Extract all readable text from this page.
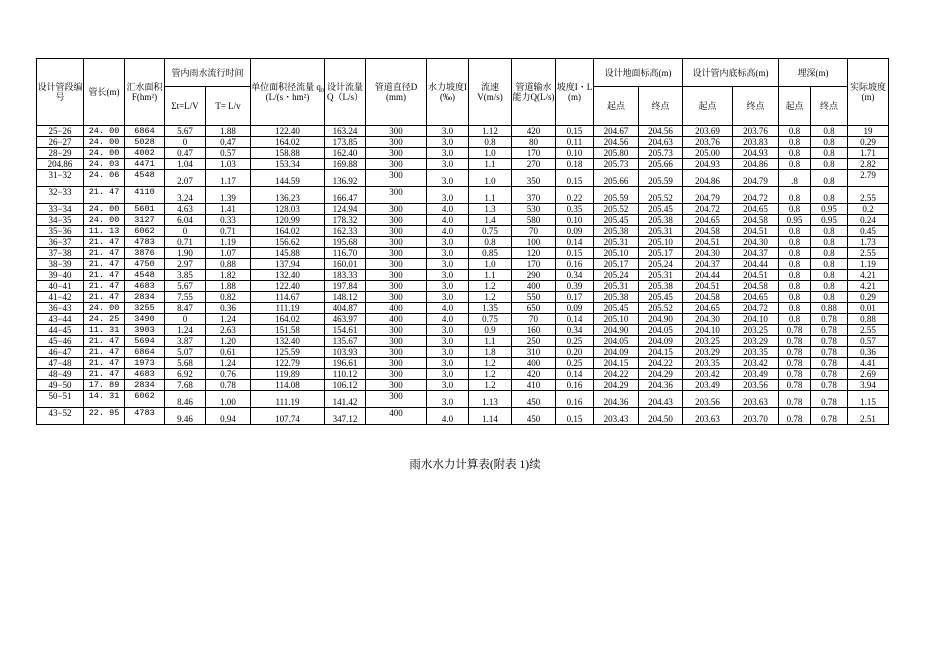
设计管段编号	管长(m)	汇水面积F(hm²)	管内雨水流行时间		单位面积径流量 q₀ (L/(s・hm²)	设计流量Q（L/s）	管道直径D (mm)	水力坡度I (‰)	流速V(m/s)	管道输水能力Q(L/s)	坡度I・L (m)	设计地面标高(m)		设计管内底标高(m)		埋深(m)		实际坡度(m)
			Σt=L/V	T= L/v								起点	终点	起点	终点	起点	终点	
25−26	24. 00	6864	5.67	1.88	122.40	163.24	300	3.0	1.12	420	0.15	204.67	204.56	203.69	203.76	0.8	0.8	19
26−27	24. 00	5028	0	0.47	164.02	173.85	300	3.0	0.8	80	0.11	204.56	204.63	203.76	203.83	0.8	0.8	0.29
28−29	24. 00	4002	0.47	0.57	158.88	162.40	300	3.0	1.0	170	0.10	205.80	205.73	205.00	204.93	0.8	0.8	1.71
204.86	24. 03	4471	1.04	1.03	153.34	169.88	300	3.0	1.1	270	0.18	205.73	205.66	204.93	204.86	0.8	0.8	2.82
31−32	24. 06	4548	2.07	1.17	144.59	136.92	300	3.0	1.0	350	0.15	205.66	205.59	204.86	204.79	.8	0.8	2.79
32−33	21. 47	4110	3.24	1.39	136.23	166.47	300	3.0	1.1	370	0.22	205.59	205.52	204.79	204.72	0.8	0.8	2.55
33−34	24. 00	5601	4.63	1.41	128.03	124.94	300	4.0	1.3	530	0.35	205.52	205.45	204.72	204.65	0.8	0.95	0.2
34−35	24. 00	3127	6.04	0.33	120.99	178.32	300	4.0	1.4	580	0.10	205.45	205.38	204.65	204.58	0.95	0.95	0.24
35−36	11. 13	6062	0	0.71	164.02	162.33	300	4.0	0.75	70	0.09	205.38	205.31	204.58	204.51	0.8	0.8	0.45
36−37	21. 47	4783	0.71	1.19	156.62	195.68	300	3.0	0.8	100	0.14	205.31	205.10	204.51	204.30	0.8	0.8	1.73
37−38	21. 47	3876	1.90	1.07	145.88	116.70	300	3.0	0.85	120	0.15	205.10	205.17	204.30	204.37	0.8	0.8	2.55
38−39	21. 47	4750	2.97	0.88	137.94	160.01	300	3.0	1.0	170	0.16	205.17	205.24	204.37	204.44	0.8	0.8	1.19
39−40	21. 47	4548	3.85	1.82	132.40	183.33	300	3.0	1.1	290	0.34	205.24	205.31	204.44	204.51	0.8	0.8	4.21
40−41	21. 47	4683	5.67	1.88	122.40	197.84	300	3.0	1.2	400	0.39	205.31	205.38	204.51	204.58	0.8	0.8	4.21
41−42	21. 47	2834	7.55	0.82	114.67	148.12	300	3.0	1.2	550	0.17	205.38	205.45	204.58	204.65	0.8	0.8	0.29
36−43	24. 00	3255	8.47	0.36	111.19	404.87	400	4.0	1.35	650	0.09	205.45	205.52	204.65	204.72	0.8	0.88	0.01
43−44	24. 25	3490	0	1.24	164.02	463.97	400	4.0	0.75	70	0.14	205.10	204.90	204.30	204.10	0.8	0.78	0.88
44−45	11. 31	3903	1.24	2.63	151.58	154.61	300	3.0	0.9	160	0.34	204.90	204.05	204.10	203.25	0.78	0.78	2.55
45−46	21. 47	5694	3.87	1.20	132.40	135.67	300	3.0	1.1	250	0.25	204.05	204.09	203.25	203.29	0.78	0.78	0.57
46−47	21. 47	6864	5.07	0.61	125.59	103.93	300	3.0	1.8	310	0.20	204.09	204.15	203.29	203.35	0.78	0.78	0.36
47−48	21. 47	1973	5.68	1.24	122.79	196.61	300	3.0	1.2	400	0.25	204.15	204.22	203.35	203.42	0.78	0.78	4.41
48−49	21. 47	4683	6.92	0.76	119.89	110.12	300	3.0	1.2	420	0.14	204.22	204.29	203.42	203.49	0.78	0.78	2.69
49−50	17. 89	2834	7.68	0.78	114.08	106.12	300	3.0	1.2	410	0.16	204.29	204.36	203.49	203.56	0.78	0.78	3.94
50−51	14. 31	6062	8.46	1.00	111.19	141.42	300	3.0	1.13	450	0.16	204.36	204.43	203.56	203.63	0.78	0.78	1.15
43−52	22. 95	4783	9.46	0.94	107.74	347.12	400	4.0	1.14	450	0.15	203.43	204.50	203.63	203.70	0.78	0.78	2.51
雨水水力计算表(附表 1)续
